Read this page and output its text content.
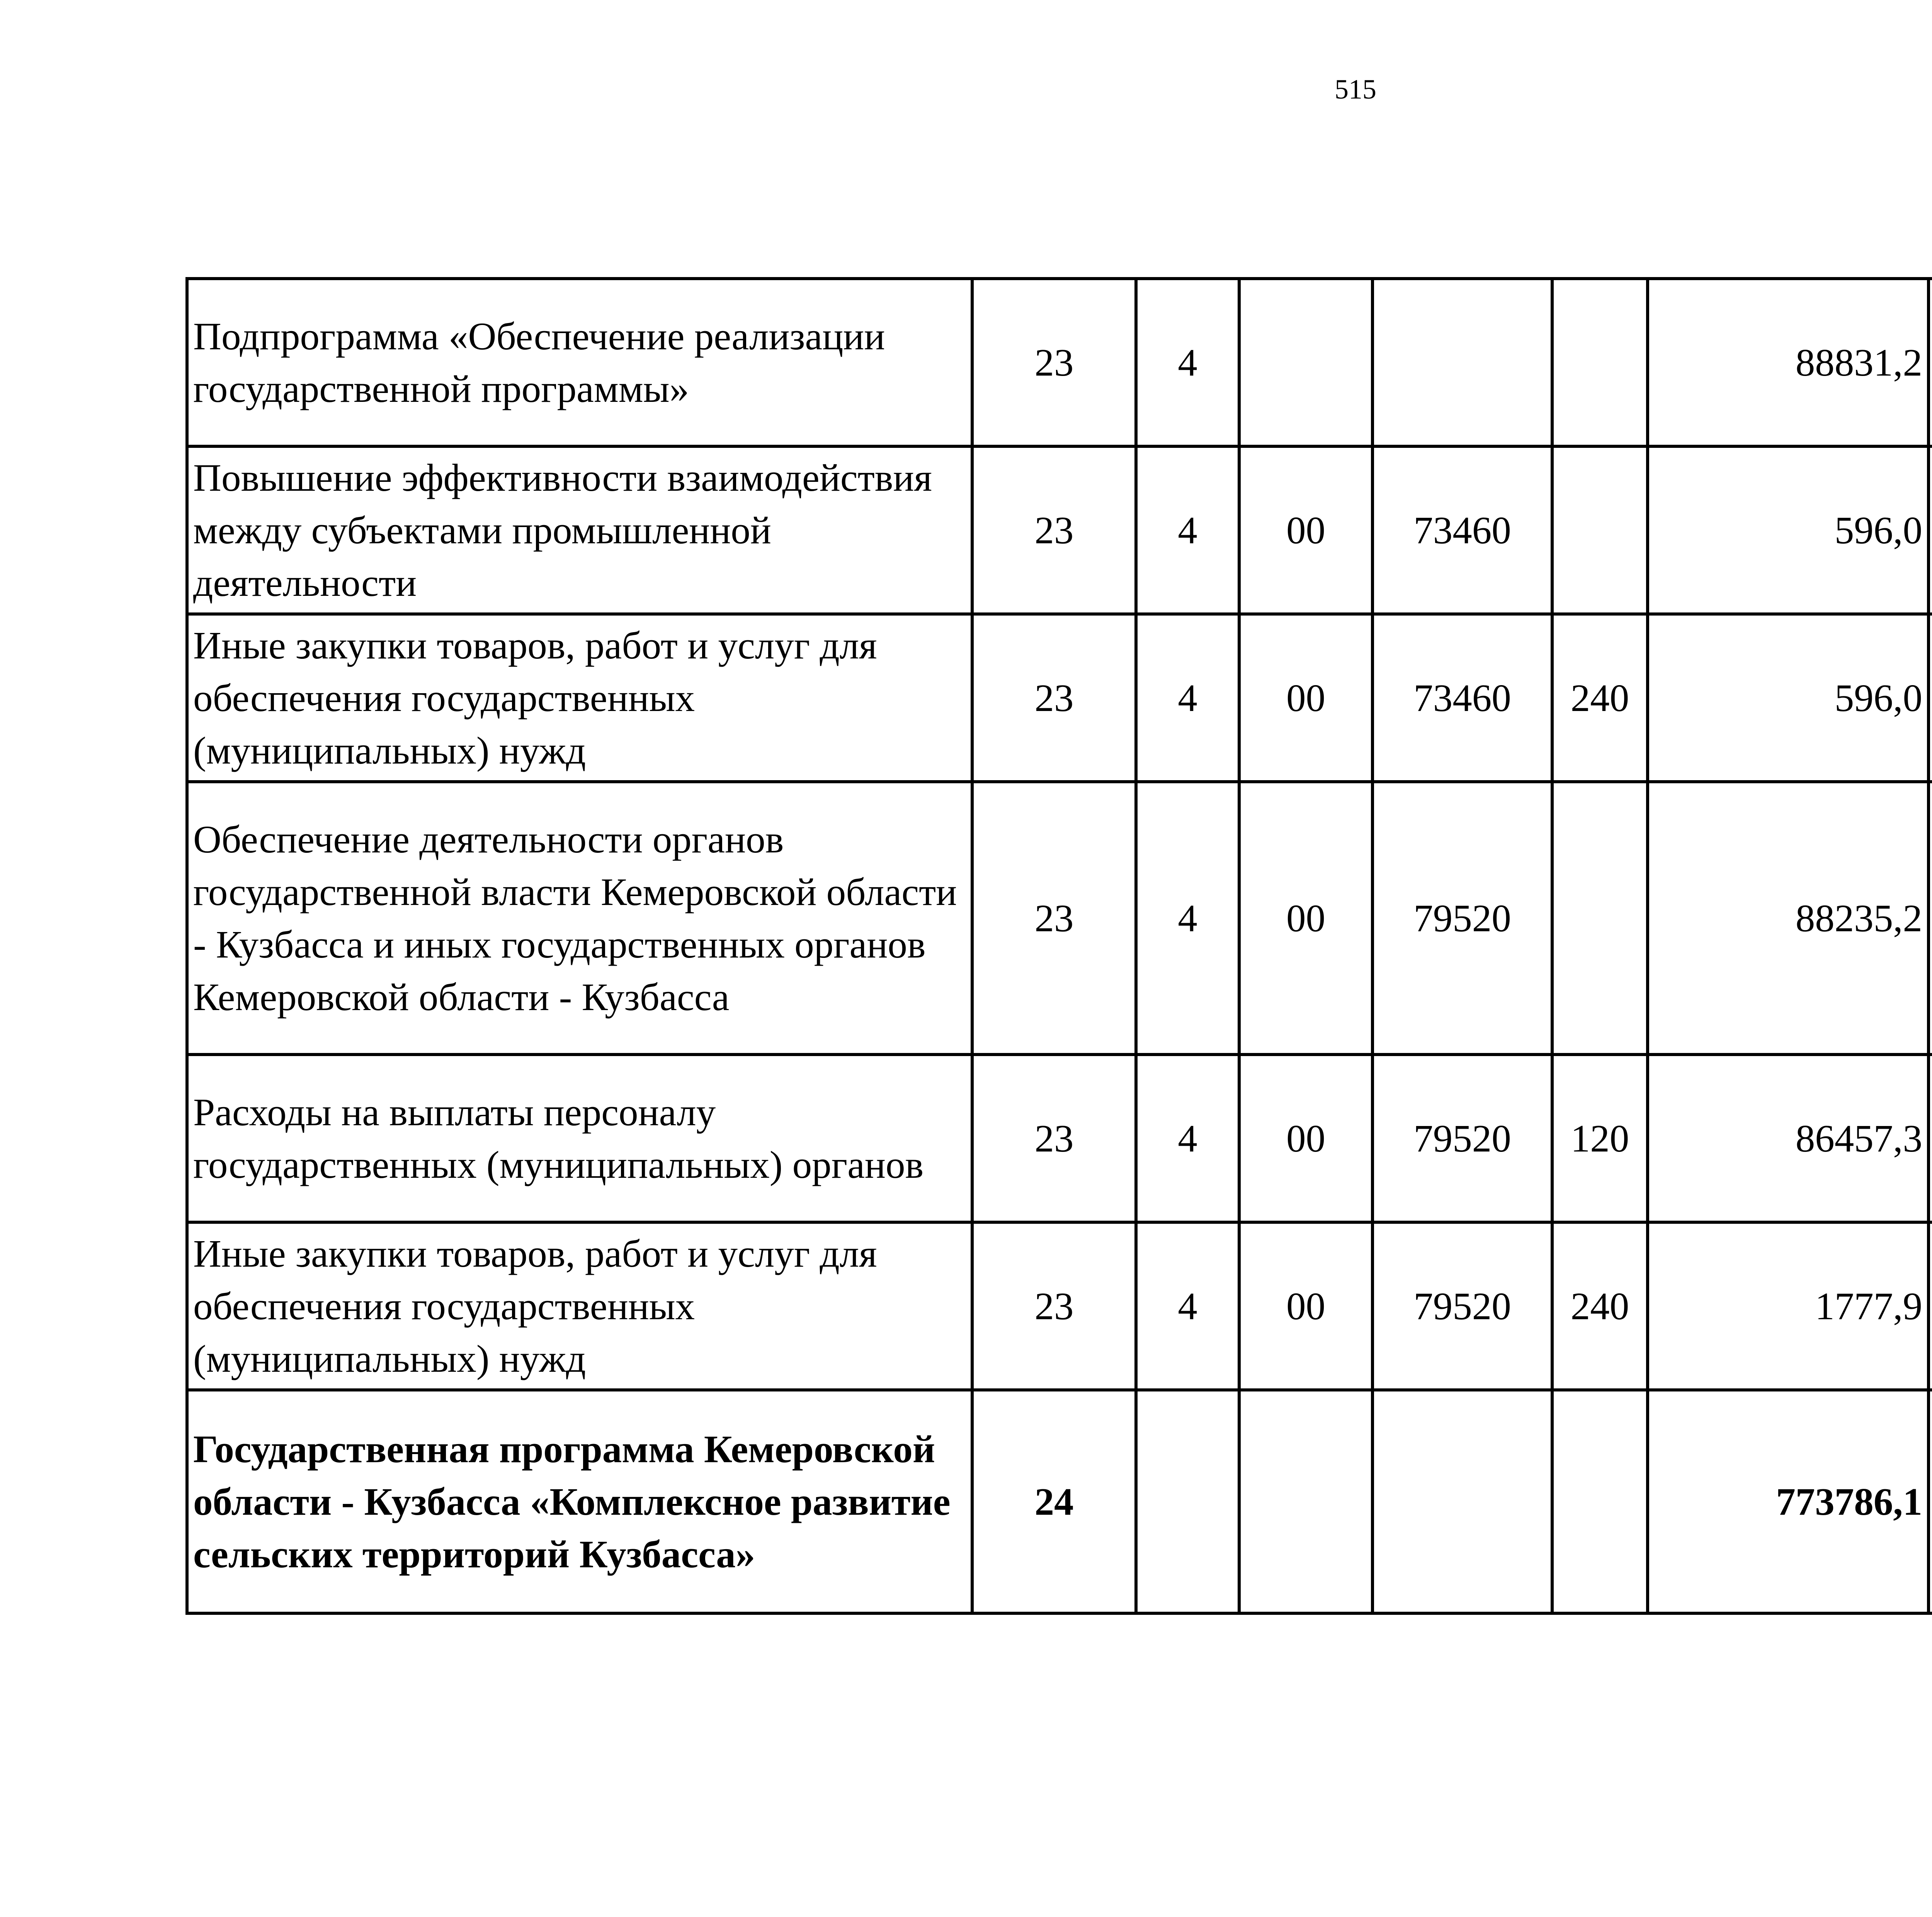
515
Подпрограмма «Обеспечение реализации государственной программы»	23	4				88831,2		
Повышение эффективности взаимодействия между субъектами промышленной деятельности	23	4	00	73460		596,0		
Иные закупки товаров, работ и услуг для обеспечения государственных (муниципальных) нужд	23	4	00	73460	240	596,0		
Обеспечение деятельности органов государственной власти Кемеровской области - Кузбасса и иных государственных органов Кемеровской области - Кузбасса	23	4	00	79520		88235,2		
Расходы на выплаты персоналу государственных (муниципальных) органов	23	4	00	79520	120	86457,3		
Иные закупки товаров, работ и услуг для обеспечения государственных (муниципальных) нужд	23	4	00	79520	240	1777,9		
Государственная программа Кемеровской области - Кузбасса «Комплексное развитие сельских территорий Кузбасса»	24					773786,1		
